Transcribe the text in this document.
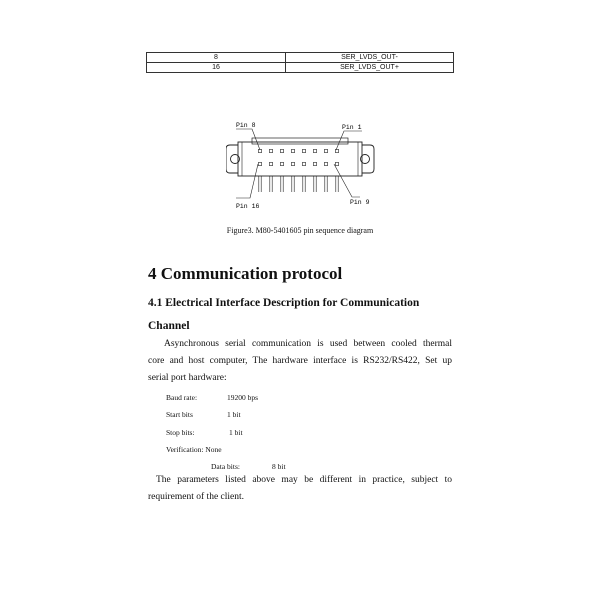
8	SER_LVDS_OUT-
16	SER_LVDS_OUT+
Pin 8	Pin 1
Pin 16
Pin 9
Figure3. M80-5401605 pin sequence diagram
4 Communication protocol
4.1 Electrical Interface Description for Communication
Channel

Asynchronous serial communication is used between cooled thermal
core and host computer, The hardware interface is RS232/RS422, Set up
serial port hardware:

Baud rate:	19200 bps
Start bits	1 bit
Stop bits:	1 bit
Verification: None
Data bits:	8 bit

The parameters listed above may be different in practice, subject to
requirement of the client.
